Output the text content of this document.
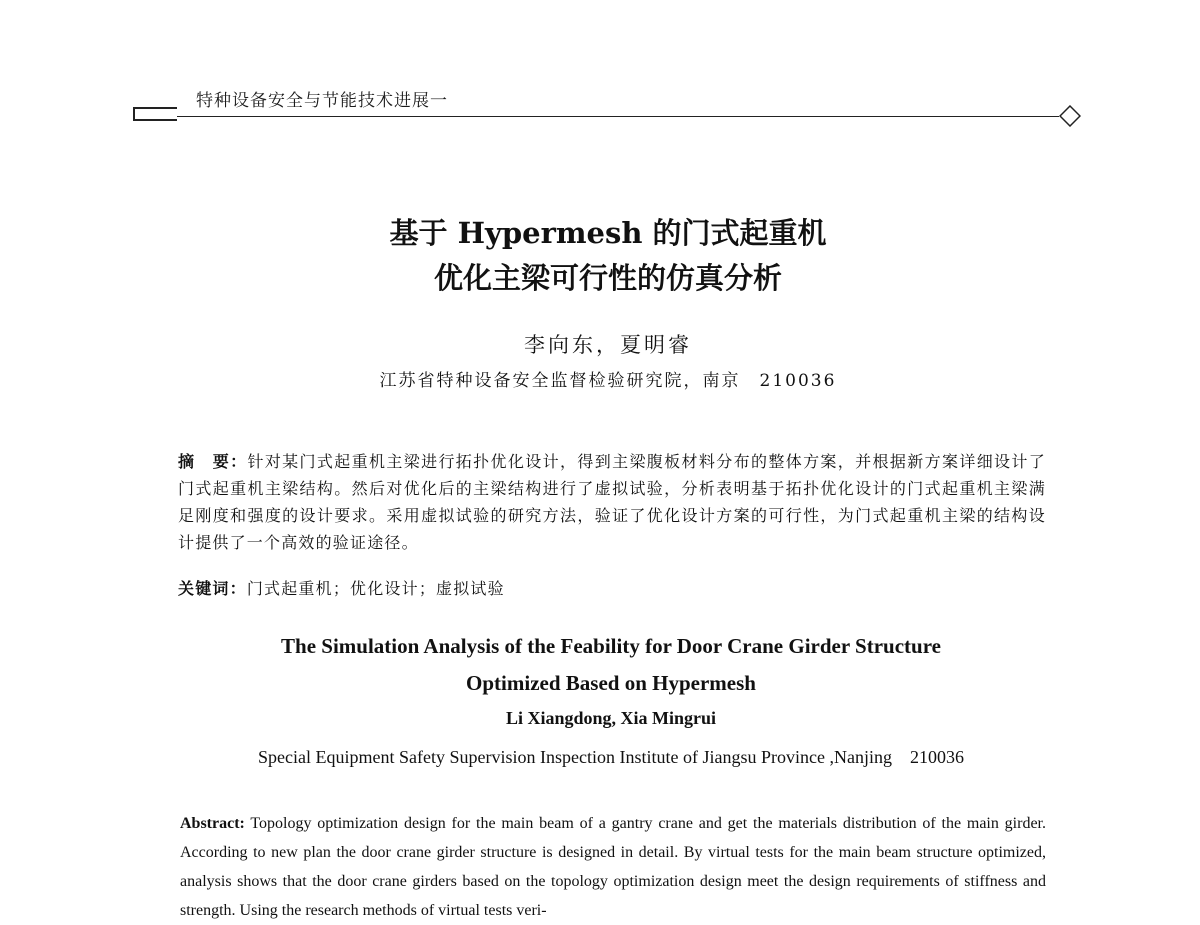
特种设备安全与节能技术进展一
基于 Hypermesh 的门式起重机
优化主梁可行性的仿真分析
李向东，夏明睿
江苏省特种设备安全监督检验研究院，南京　210036
摘　要：针对某门式起重机主梁进行拓扑优化设计，得到主梁腹板材料分布的整体方案，并根据新方案详细设计了门式起重机主梁结构。然后对优化后的主梁结构进行了虚拟试验，分析表明基于拓扑优化设计的门式起重机主梁满足刚度和强度的设计要求。采用虚拟试验的研究方法，验证了优化设计方案的可行性，为门式起重机主梁的结构设计提供了一个高效的验证途径。
关键词：门式起重机；优化设计；虚拟试验
The Simulation Analysis of the Feability for Door Crane Girder Structure
Optimized Based on Hypermesh
Li Xiangdong, Xia Mingrui
Special Equipment Safety Supervision Inspection Institute of Jiangsu Province ,Nanjing　210036
Abstract: Topology optimization design for the main beam of a gantry crane and get the materials distribution of the main girder. According to new plan the door crane girder structure is designed in detail. By virtual tests for the main beam structure optimized, analysis shows that the door crane girders based on the topology optimization design meet the design requirements of stiffness and strength. Using the research methods of virtual tests veri-
